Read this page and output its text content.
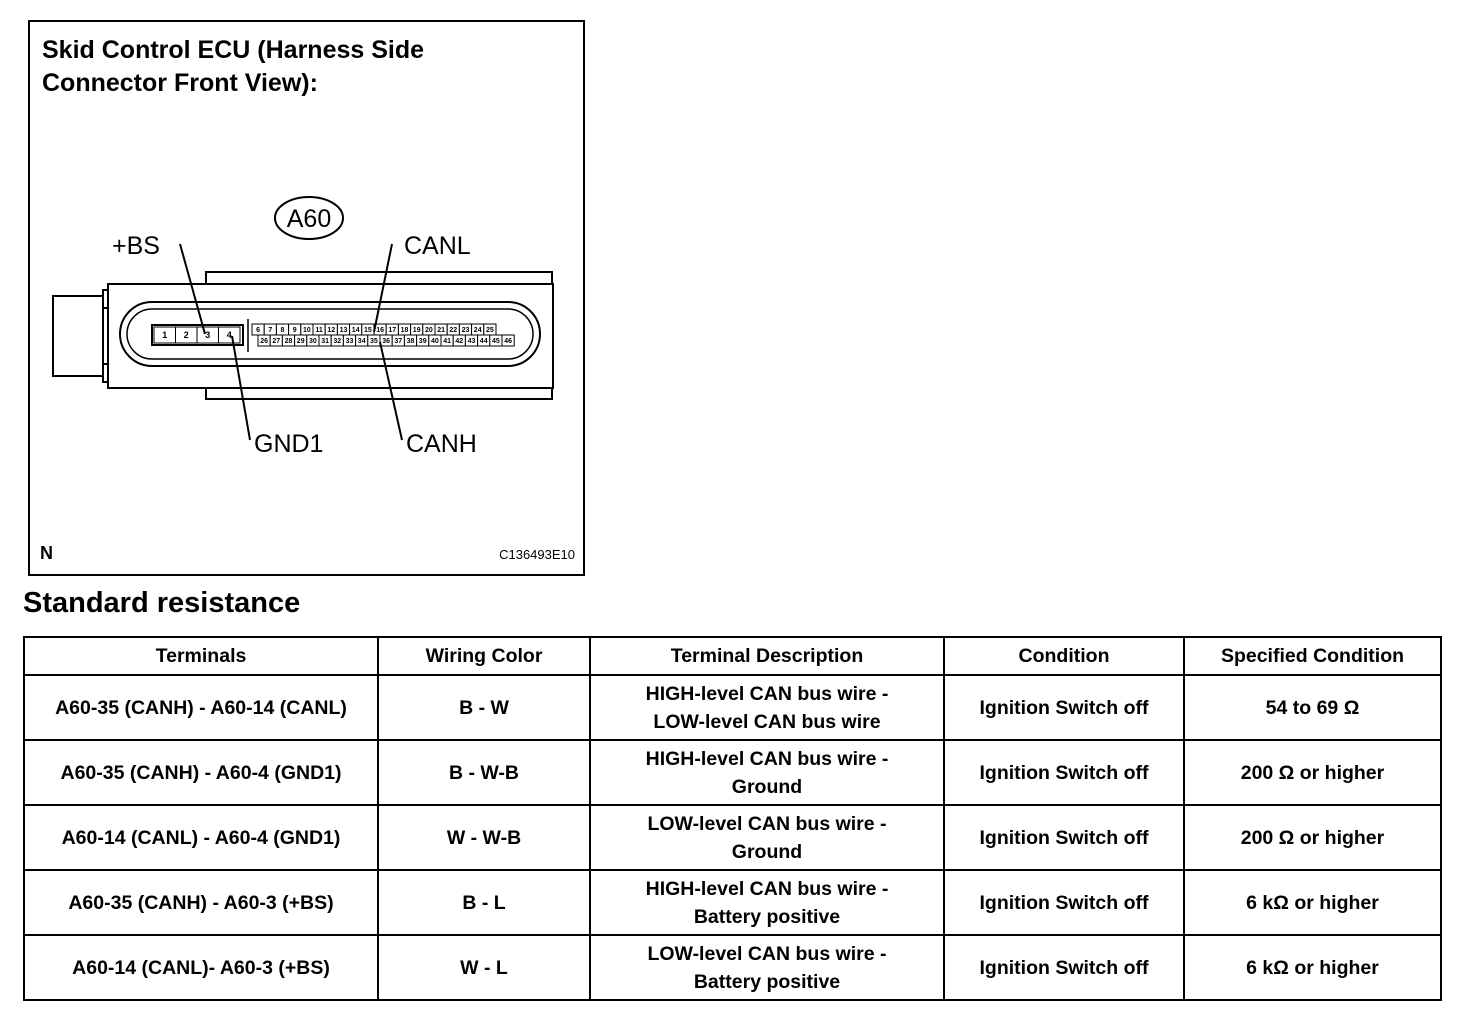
A60
1 2 3 4	6 7 8 9 10 11 12 13 14 15 16 17 18 19 20 21 22 23 24 25
26 27 28 29 30 31 32 33 34 35 36 37 38 39 40 41 42 43 44 45 46
Skid Control ECU (Harness Side
Connector Front View):
+BS	CANL
GND1	CANH
N	C136493E10
Standard resistance
Terminals	Wiring Color	Terminal Description	Condition	Specified Condition
A60-35 (CANH) - A60-14 (CANL)	B - W	HIGH-level CAN bus wire -
LOW-level CAN bus wire	Ignition Switch off	54 to 69 Ω
A60-35 (CANH) - A60-4 (GND1)	B - W-B	HIGH-level CAN bus wire -
Ground	Ignition Switch off	200 Ω or higher
A60-14 (CANL) - A60-4 (GND1)	W - W-B	LOW-level CAN bus wire -
Ground	Ignition Switch off	200 Ω or higher
A60-35 (CANH) - A60-3 (+BS)	B - L	HIGH-level CAN bus wire -
Battery positive	Ignition Switch off	6 kΩ or higher
A60-14 (CANL)- A60-3 (+BS)	W - L	LOW-level CAN bus wire -
Battery positive	Ignition Switch off	6 kΩ or higher
